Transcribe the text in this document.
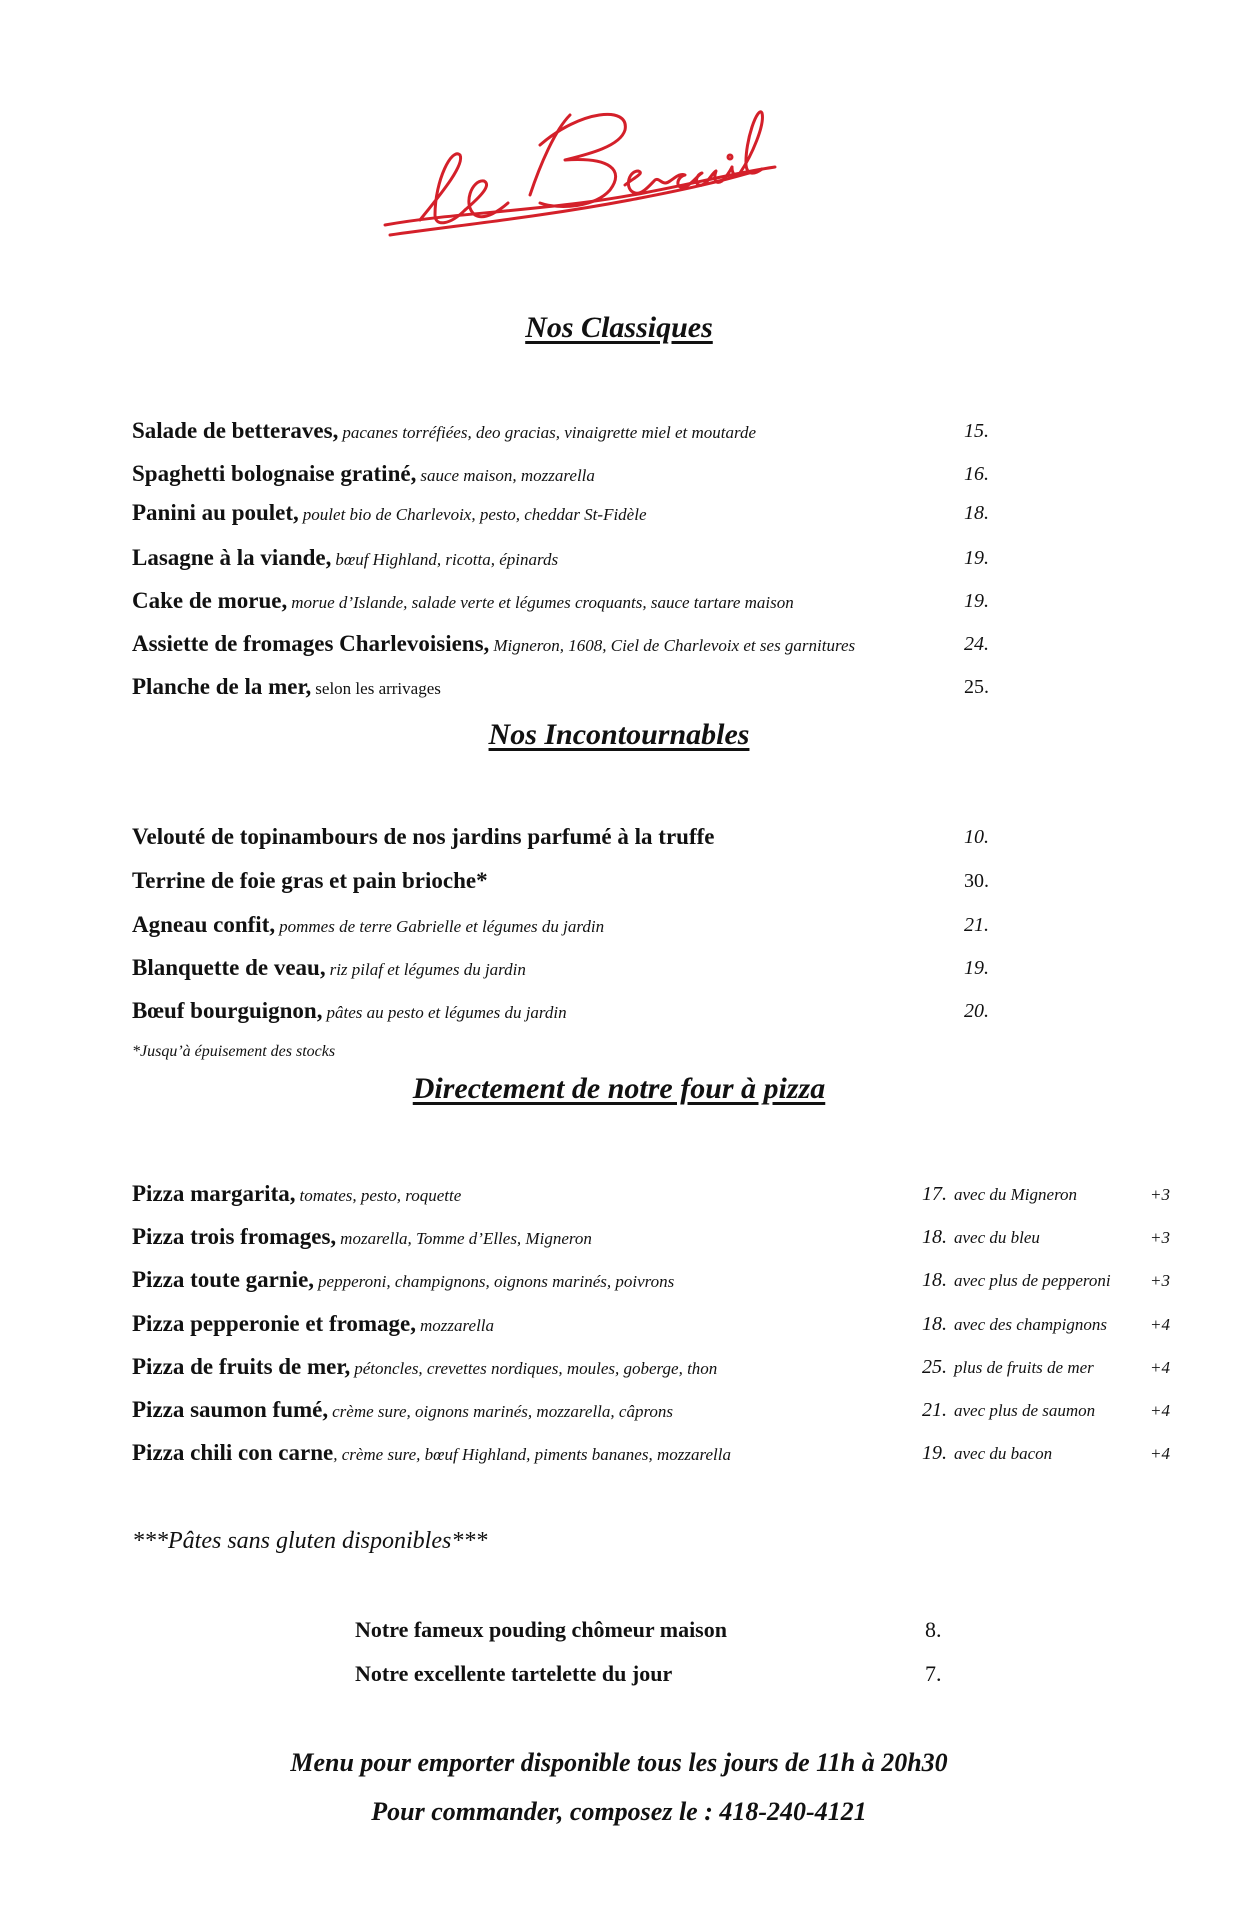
Nos Classiques
Salade de betteraves, pacanes torréfiées, deo gracias, vinaigrette miel et moutarde	15.
Spaghetti bolognaise gratiné, sauce maison, mozzarella	16.
Panini au poulet, poulet bio de Charlevoix, pesto, cheddar St-Fidèle	18.
Lasagne à la viande, bœuf Highland, ricotta, épinards	19.
Cake de morue, morue d’Islande, salade verte et légumes croquants, sauce tartare maison	19.
Assiette de fromages Charlevoisiens, Migneron, 1608, Ciel de Charlevoix et ses garnitures	24.
Planche de la mer, selon les arrivages	25.
Nos Incontournables
Velouté de topinambours de nos jardins parfumé à la truffe	10.
Terrine de foie gras et pain brioche*	30.
Agneau confit, pommes de terre Gabrielle et légumes du jardin	21.
Blanquette de veau, riz pilaf et légumes du jardin	19.
Bœuf bourguignon, pâtes au pesto et légumes du jardin	20.
*Jusqu’à épuisement des stocks
Directement de notre four à pizza
Pizza margarita, tomates, pesto, roquette	17. avec du Migneron	+3
Pizza trois fromages, mozarella, Tomme d’Elles, Migneron	18. avec du bleu	+3
Pizza toute garnie, pepperoni, champignons, oignons marinés, poivrons	18. avec plus de pepperoni	+3
Pizza pepperonie et fromage, mozzarella	18. avec des champignons	+4
Pizza de fruits de mer, pétoncles, crevettes nordiques, moules, goberge, thon	25. plus de fruits de mer	+4
Pizza saumon fumé, crème sure, oignons marinés, mozzarella, câprons	21. avec plus de saumon	+4
Pizza chili con carne, crème sure, bœuf Highland, piments bananes, mozzarella	19. avec du bacon	+4
***Pâtes sans gluten disponibles***
Notre fameux pouding chômeur maison	8.
Notre excellente tartelette du jour	7.
Menu pour emporter disponible tous les jours de 11h à 20h30
Pour commander, composez le : 418-240-4121
